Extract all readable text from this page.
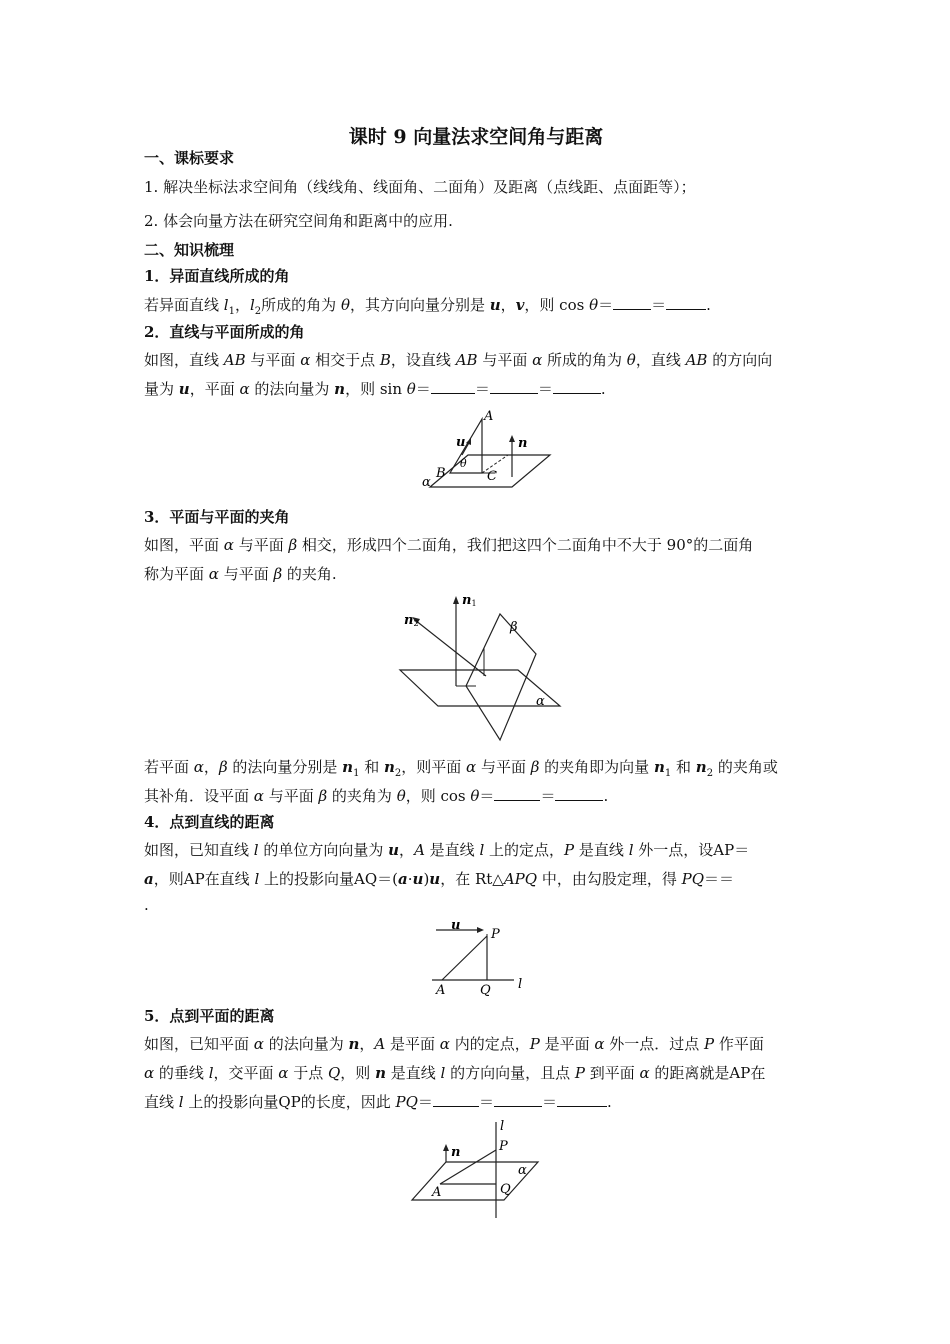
课时 9 向量法求空间角与距离
一、课标要求
1. 解决坐标法求空间角（线线角、线面角、二面角）及距离（点线距、点面距等）；
2. 体会向量方法在研究空间角和距离中的应用.
二、知识梳理
1．异面直线所成的角
若异面直线 $l_1$，$l_2$所成的角为 θ，其方向向量分别是 u，v，则 cos θ＝	＝	.
2．直线与平面所成的角
如图，直线 AB 与平面 α 相交于点 B，设直线 AB 与平面 α 所成的角为 θ，直线 AB 的方向向
量为 u，平面 α 的法向量为 n，则 sin θ＝	＝	＝	.
A
u	n
θ
B	C
α
3．平面与平面的夹角
如图，平面 α 与平面 β 相交，形成四个二面角，我们把这四个二面角中不大于 90°的二面角
称为平面 α 与平面 β 的夹角.
n1
n2	β
α
若平面 α，β 的法向量分别是 $n_1$ 和 $n_2$，则平面 α 与平面 β 的夹角即为向量 $n_1$ 和 $n_2$ 的夹角或
其补角．设平面 α 与平面 β 的夹角为 θ，则 cos θ＝	＝	.
4．点到直线的距离
如图，已知直线 l 的单位方向向量为 u，A 是直线 l 上的定点，P 是直线 l 外一点，设AP＝
a，则AP在直线 l 上的投影向量AQ＝(a·u)u，在 Rt△APQ 中，由勾股定理，得 PQ＝＝
.
u
P
A	Q l
5．点到平面的距离
如图，已知平面 α 的法向量为 n，A 是平面 α 内的定点，P 是平面 α 外一点．过点 P 作平面
α 的垂线 l，交平面 α 于点 Q，则 n 是直线 l 的方向向量，且点 P 到平面 α 的距离就是AP在
直线 l 上的投影向量QP的长度，因此 PQ＝	＝	＝	.
l
n	P
α
A	Q
